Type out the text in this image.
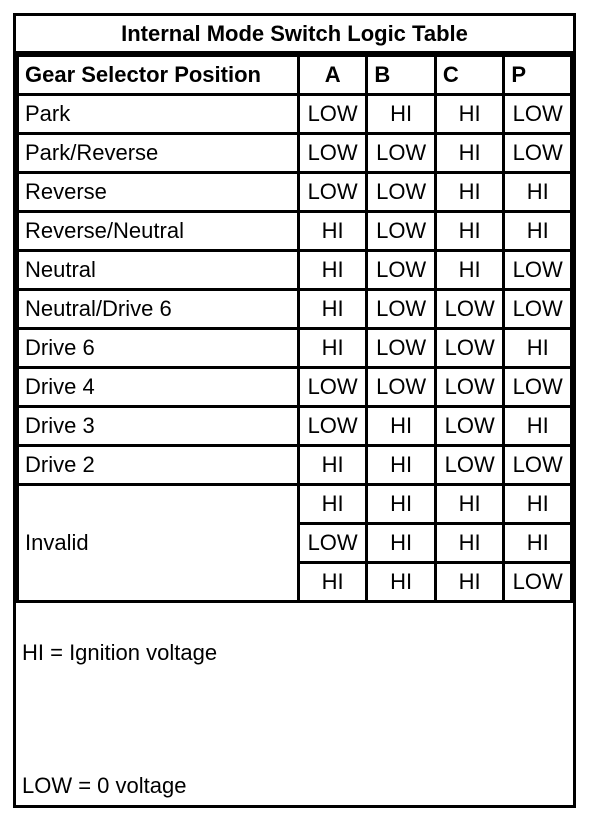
Internal Mode Switch Logic Table
Gear Selector Position	A	B	C	P
Park	LOW	HI	HI	LOW
Park/Reverse	LOW	LOW	HI	LOW
Reverse	LOW	LOW	HI	HI
Reverse/Neutral	HI	LOW	HI	HI
Neutral	HI	LOW	HI	LOW
Neutral/Drive 6	HI	LOW	LOW	LOW
Drive 6	HI	LOW	LOW	HI
Drive 4	LOW	LOW	LOW	LOW
Drive 3	LOW	HI	LOW	HI
Drive 2	HI	HI	LOW	LOW
Invalid	HI	HI	HI	HI
	LOW	HI	HI	HI
	HI	HI	HI	LOW
HI = Ignition voltage
LOW = 0 voltage
